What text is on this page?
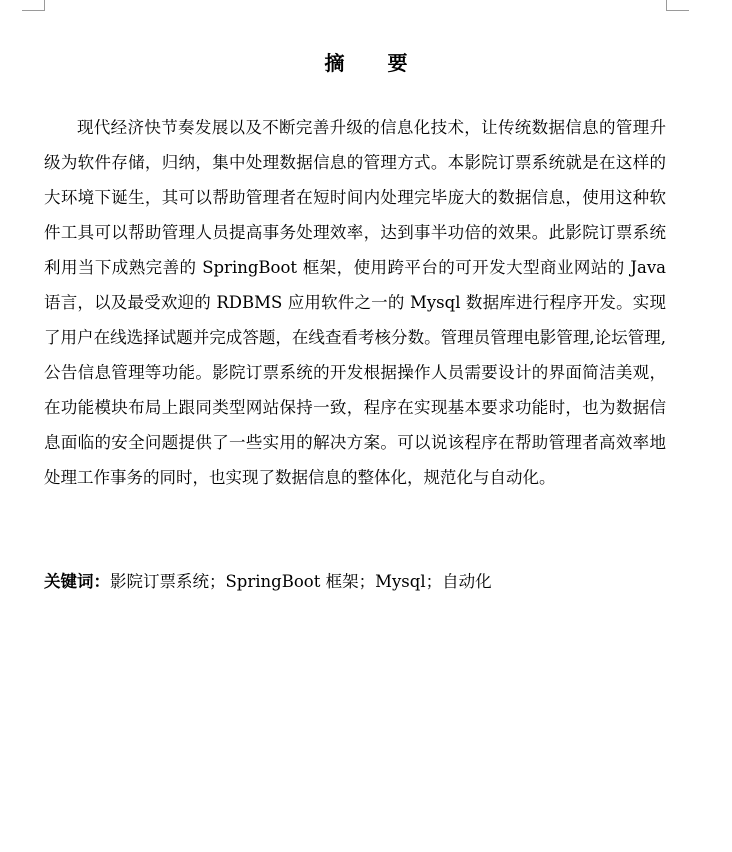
摘 要

现代经济快节奏发展以及不断完善升级的信息化技术，让传统数据信息的管理升级为软件存储，归纳，集中处理数据信息的管理方式。本影院订票系统就是在这样的大环境下诞生，其可以帮助管理者在短时间内处理完毕庞大的数据信息，使用这种软件工具可以帮助管理人员提高事务处理效率，达到事半功倍的效果。此影院订票系统利用当下成熟完善的 SpringBoot 框架，使用跨平台的可开发大型商业网站的 Java 语言，以及最受欢迎的 RDBMS 应用软件之一的 Mysql 数据库进行程序开发。实现了用户在线选择试题并完成答题，在线查看考核分数。管理员管理电影管理,论坛管理,公告信息管理等功能。影院订票系统的开发根据操作人员需要设计的界面简洁美观，在功能模块布局上跟同类型网站保持一致，程序在实现基本要求功能时，也为数据信息面临的安全问题提供了一些实用的解决方案。可以说该程序在帮助管理者高效率地处理工作事务的同时，也实现了数据信息的整体化，规范化与自动化。

关键词：影院订票系统；SpringBoot 框架；Mysql；自动化
